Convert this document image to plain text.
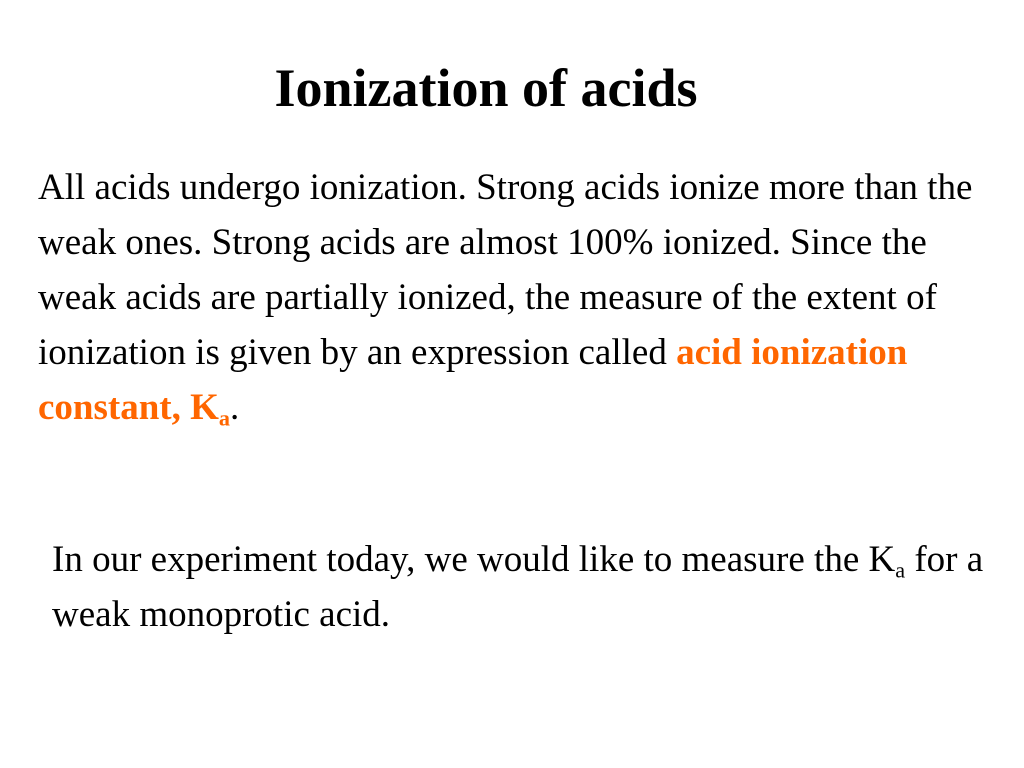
Ionization of acids

All acids undergo ionization. Strong acids ionize more than the weak ones. Strong acids are almost 100% ionized. Since the weak acids are partially ionized, the measure of the extent of ionization is given by an expression called acid ionization constant, $K_a$.

In our experiment today, we would like to measure the $K_a$ for a weak monoprotic acid.
